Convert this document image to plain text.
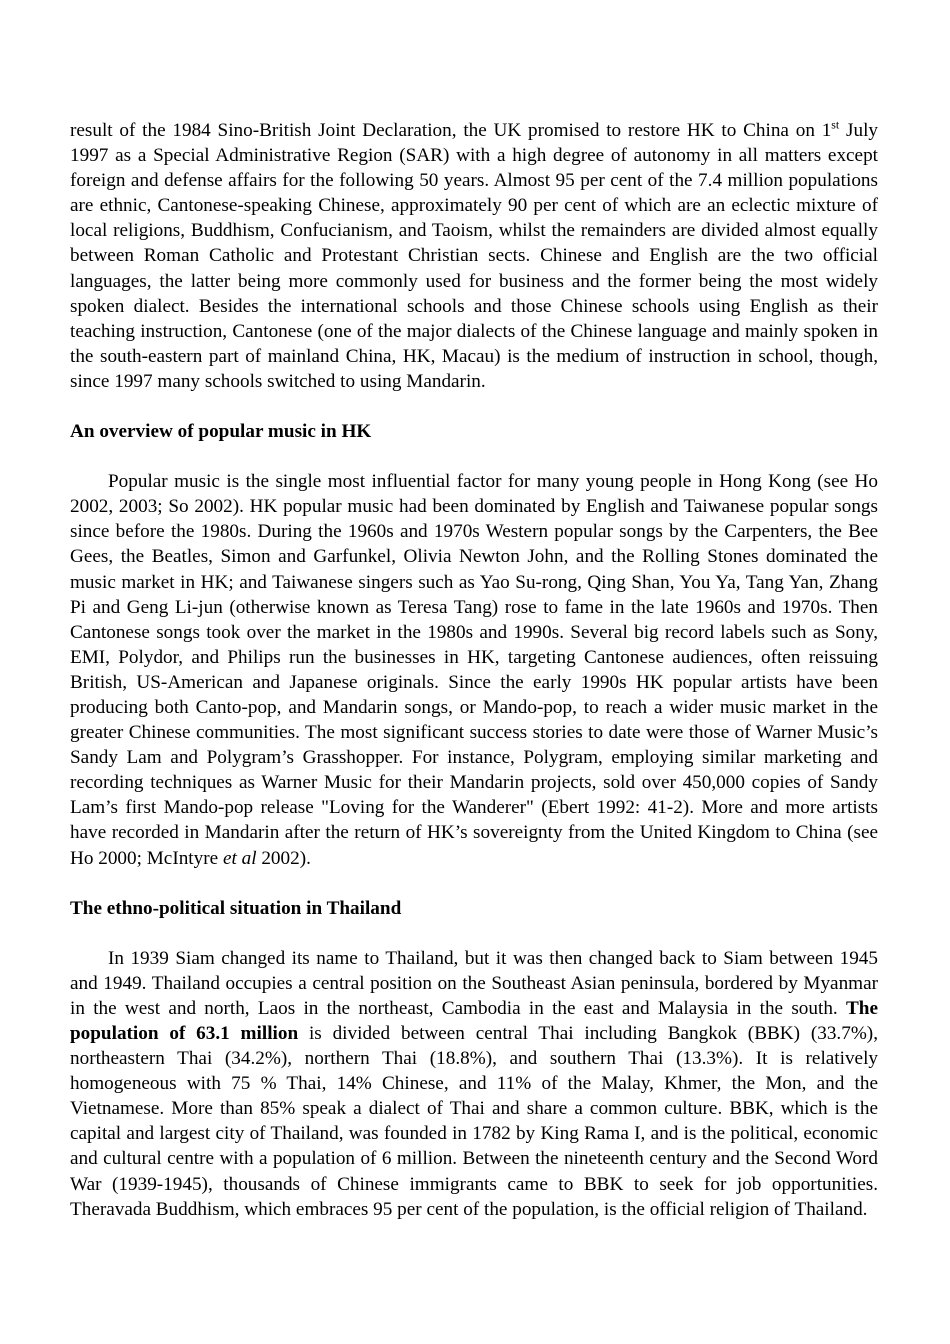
result of the 1984 Sino-British Joint Declaration, the UK promised to restore HK to China on 1st July 1997 as a Special Administrative Region (SAR) with a high degree of autonomy in all matters except foreign and defense affairs for the following 50 years. Almost 95 per cent of the 7.4 million populations are ethnic, Cantonese-speaking Chinese, approximately 90 per cent of which are an eclectic mixture of local religions, Buddhism, Confucianism, and Taoism, whilst the remainders are divided almost equally between Roman Catholic and Protestant Christian sects. Chinese and English are the two official languages, the latter being more commonly used for business and the former being the most widely spoken dialect. Besides the international schools and those Chinese schools using English as their teaching instruction, Cantonese (one of the major dialects of the Chinese language and mainly spoken in the south-eastern part of mainland China, HK, Macau) is the medium of instruction in school, though, since 1997 many schools switched to using Mandarin.

An overview of popular music in HK

Popular music is the single most influential factor for many young people in Hong Kong (see Ho 2002, 2003; So 2002). HK popular music had been dominated by English and Taiwanese popular songs since before the 1980s. During the 1960s and 1970s Western popular songs by the Carpenters, the Bee Gees, the Beatles, Simon and Garfunkel, Olivia Newton John, and the Rolling Stones dominated the music market in HK; and Taiwanese singers such as Yao Su-rong, Qing Shan, You Ya, Tang Yan, Zhang Pi and Geng Li-jun (otherwise known as Teresa Tang) rose to fame in the late 1960s and 1970s. Then Cantonese songs took over the market in the 1980s and 1990s. Several big record labels such as Sony, EMI, Polydor, and Philips run the businesses in HK, targeting Cantonese audiences, often reissuing British, US-American and Japanese originals. Since the early 1990s HK popular artists have been producing both Canto-pop, and Mandarin songs, or Mando-pop, to reach a wider music market in the greater Chinese communities. The most significant success stories to date were those of Warner Music’s Sandy Lam and Polygram’s Grasshopper. For instance, Polygram, employing similar marketing and recording techniques as Warner Music for their Mandarin projects, sold over 450,000 copies of Sandy Lam’s first Mando-pop release "Loving for the Wanderer" (Ebert 1992: 41-2). More and more artists have recorded in Mandarin after the return of HK’s sovereignty from the United Kingdom to China (see Ho 2000; McIntyre et al 2002).

The ethno-political situation in Thailand

In 1939 Siam changed its name to Thailand, but it was then changed back to Siam between 1945 and 1949. Thailand occupies a central position on the Southeast Asian peninsula, bordered by Myanmar in the west and north, Laos in the northeast, Cambodia in the east and Malaysia in the south. The population of 63.1 million is divided between central Thai including Bangkok (BBK) (33.7%), northeastern Thai (34.2%), northern Thai (18.8%), and southern Thai (13.3%). It is relatively homogeneous with 75 % Thai, 14% Chinese, and 11% of the Malay, Khmer, the Mon, and the Vietnamese. More than 85% speak a dialect of Thai and share a common culture. BBK, which is the capital and largest city of Thailand, was founded in 1782 by King Rama I, and is the political, economic and cultural centre with a population of 6 million. Between the nineteenth century and the Second Word War (1939-1945), thousands of Chinese immigrants came to BBK to seek for job opportunities. Theravada Buddhism, which embraces 95 per cent of the population, is the official religion of Thailand.
